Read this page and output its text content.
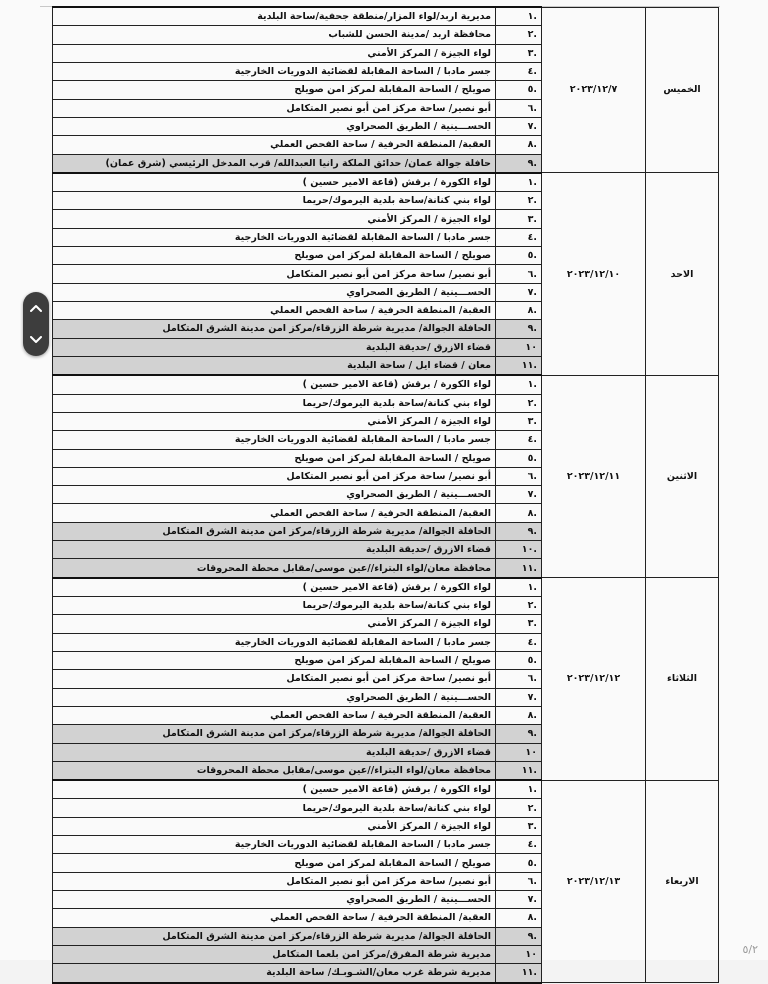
الخميس	٢٠٢٣/١٢/٧	.١	مديرية اربد/لواء المزار/منطقة جحفية/ساحة البلدية
		.٢	محافظة اربد /مدينة الحسن للشباب
		.٣	لواء الجيزة / المركز الأمني
		.٤	جسر مادبا / الساحة المقابلة لقضائية الدوريات الخارجية
		.٥	صويلح / الساحة المقابلة لمركز امن صويلح
		.٦	أبو نصير/ ساحة مركز امن أبو نصير المتكامل
		.٧	الحســـينية / الطريق الصحراوي
		.٨	العقبة/ المنطقة الحرفية / ساحة الفحص العملي
		.٩	حافلة جوالة عمان/ حدائق الملكة رانيا العبدالله/ قرب المدخل الرئيسي (شرق عمان)
الاحد	٢٠٢٣/١٢/١٠	.١	لواء الكورة / برقش (قاعة الامير حسين )
		.٢	لواء بني كنانة/ساحة بلدية اليرموك/حريما
		.٣	لواء الجيزة / المركز الأمني
		.٤	جسر مادبا / الساحة المقابلة لقضائية الدوريات الخارجية
		.٥	صويلح / الساحة المقابلة لمركز امن صويلح
		.٦	أبو نصير/ ساحة مركز امن أبو نصير المتكامل
		.٧	الحســـينية / الطريق الصحراوي
		.٨	العقبة/ المنطقة الحرفية / ساحة الفحص العملي
		.٩	الحافلة الجوالة/ مديرية شرطة الزرقاء/مركز امن مدينة الشرق المتكامل
		١٠	قضاء الازرق /حديقة البلدية
		.١١	معان / قضاء ايل / ساحة البلدية
الاثنين	٢٠٢٣/١٢/١١	.١	لواء الكورة / برقش (قاعة الامير حسين )
		.٢	لواء بني كنانة/ساحة بلدية اليرموك/حريما
		.٣	لواء الجيزة / المركز الأمني
		.٤	جسر مادبا / الساحة المقابلة لقضائية الدوريات الخارجية
		.٥	صويلح / الساحة المقابلة لمركز امن صويلح
		.٦	أبو نصير/ ساحة مركز امن أبو نصير المتكامل
		.٧	الحســـينية / الطريق الصحراوي
		.٨	العقبة/ المنطقة الحرفية / ساحة الفحص العملي
		.٩	الحافلة الجوالة/ مديرية شرطة الزرقاء/مركز امن مدينة الشرق المتكامل
		.١٠	قضاء الازرق /حديقة البلدية
		.١١	محافظة معان/لواء البتراء//عين موسى/مقابل محطة المحروقات
الثلاثاء	٢٠٢٣/١٢/١٢	.١	لواء الكورة / برقش (قاعة الامير حسين )
		.٢	لواء بني كنانة/ساحة بلدية اليرموك/حريما
		.٣	لواء الجيزة / المركز الأمني
		.٤	جسر مادبا / الساحة المقابلة لقضائية الدوريات الخارجية
		.٥	صويلح / الساحة المقابلة لمركز امن صويلح
		.٦	أبو نصير/ ساحة مركز امن أبو نصير المتكامل
		.٧	الحســـينية / الطريق الصحراوي
		.٨	العقبة/ المنطقة الحرفية / ساحة الفحص العملي
		.٩	الحافلة الجوالة/ مديرية شرطة الزرقاء/مركز امن مدينة الشرق المتكامل
		١٠	قضاء الازرق /حديقة البلدية
		.١١	محافظة معان/لواء البتراء//عين موسى/مقابل محطة المحروقات
الاربعاء	٢٠٢٣/١٢/١٣	.١	لواء الكورة / برقش (قاعة الامير حسين )
		.٢	لواء بني كنانة/ساحة بلدية اليرموك/حريما
		.٣	لواء الجيزة / المركز الأمني
		.٤	جسر مادبا / الساحة المقابلة لقضائية الدوريات الخارجية
		.٥	صويلح / الساحة المقابلة لمركز امن صويلح
		.٦	أبو نصير/ ساحة مركز امن أبو نصير المتكامل
		.٧	الحســـينية / الطريق الصحراوي
		.٨	العقبة/ المنطقة الحرفية / ساحة الفحص العملي
		.٩	الحافلة الجوالة/ مديرية شرطة الزرقاء/مركز امن مدينة الشرق المتكامل
		١٠	مديرية شرطة المفرق/مركز امن بلعما المتكامل
		.١١	مديرية شرطة غرب معان/الشـوبـك/ ساحة البلدية
٥/٢
